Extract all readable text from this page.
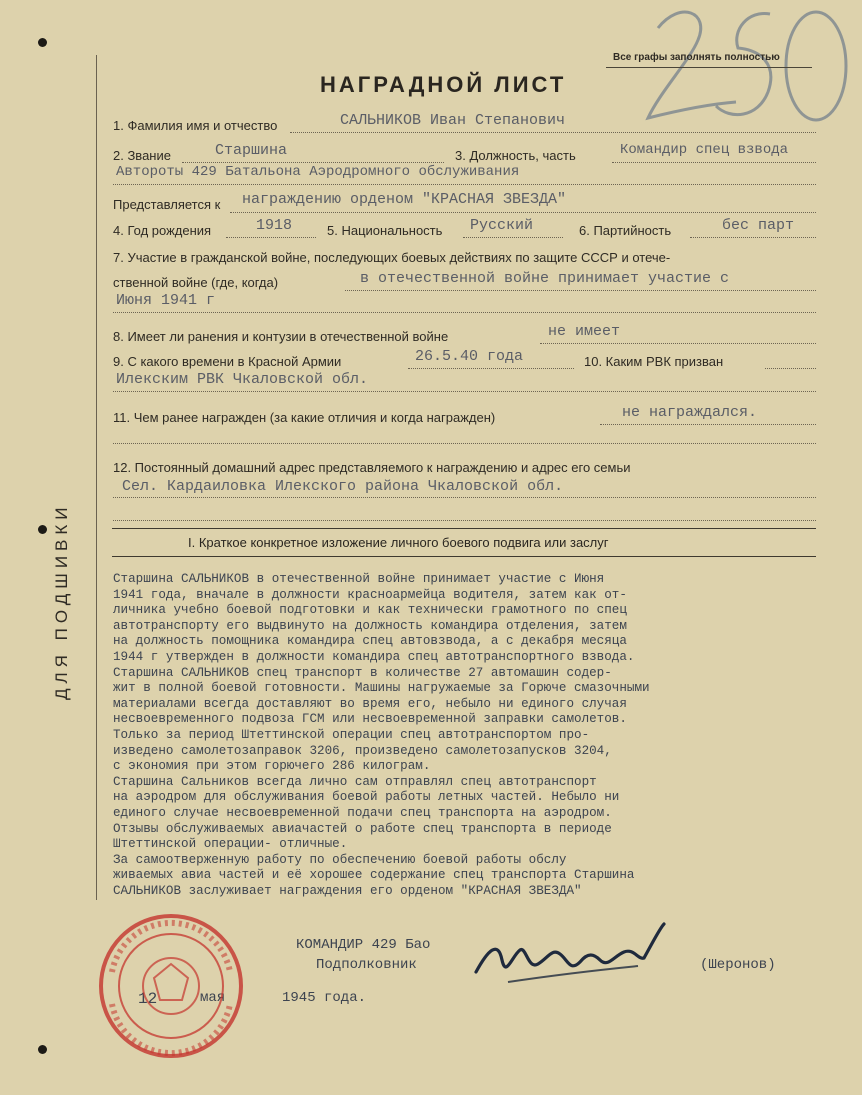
ДЛЯ ПОДШИВКИ
Все графы заполнять полностью
НАГРАДНОЙ ЛИСТ
1. Фамилия имя и отчество	САЛЬНИКОВ Иван Степанович
2. Звание	Старшина	3. Должность, часть	Командир спец взвода
Автороты 429 Батальона Аэродромного обслуживания
Представляется к награждению орденом "КРАСНАЯ ЗВЕЗДА"
4. Год рождения	1918	5. Национальность Русский	6. Партийность	бес парт
7. Участие в гражданской войне, последующих боевых действиях по защите СССР и отече-
ственной войне (где, когда)	в отечественной войне принимает участие с
Июня 1941 г
8. Имеет ли ранения и контузии в отечественной войне	не имеет
9. С какого времени в Красной Армии	26.5.40 года	10. Каким РВК призван
Илекским РВК Чкаловской обл.
11. Чем ранее награжден (за какие отличия и когда награжден)	не награждался.
12. Постоянный домашний адрес представляемого к награждению и адрес его семьи
Сел. Кардаиловка Илекского района Чкаловской обл.
I. Краткое конкретное изложение личного боевого подвига или заслуг
Старшина САЛЬНИКОВ в отечественной войне принимает участие с Июня
1941 года, вначале в должности красноармейца водителя, затем как от-
личника учебно боевой подготовки и как технически грамотного по спец
автотранспорту его выдвинуто на должность командира отделения, затем
на должность помощника командира спец автовзвода, а с декабря месяца
1944 г утвержден в должности командира спец автотранспортного взвода.
Старшина САЛЬНИКОВ спец транспорт в количестве 27 автомашин содер-
жит в полной боевой готовности. Машины нагружаемые за Горюче смазочными
материалами всегда доставляют во время его, небыло ни единого случая
несвоевременного подвоза ГСМ или несвоевременной заправки самолетов.
Только за период Штеттинской операции спец автотранспортом про-
изведено самолетозаправок 3206, произведено самолетозапусков 3204,
с экономия при этом горючего 286 килограм.
Старшина Сальников всегда лично сам отправлял спец автотранспорт
на аэродром для обслуживания боевой работы летных частей. Небыло ни
единого случае несвоевременной подачи спец транспорта на аэродром.
Отзывы обслуживаемых авиачастей о работе спец транспорта в периоде
Штеттинской операции- отличные.
За самоотверженную работу по обеспечению боевой работы обслу
живаемых авиа частей и её хорошее содержание спец транспорта Старшина
САЛЬНИКОВ заслуживает награждения его орденом "КРАСНАЯ ЗВЕЗДА"
КОМАНДИР 429 Бао
Подполковник	(Шеронов)
12	мая	1945 года.
